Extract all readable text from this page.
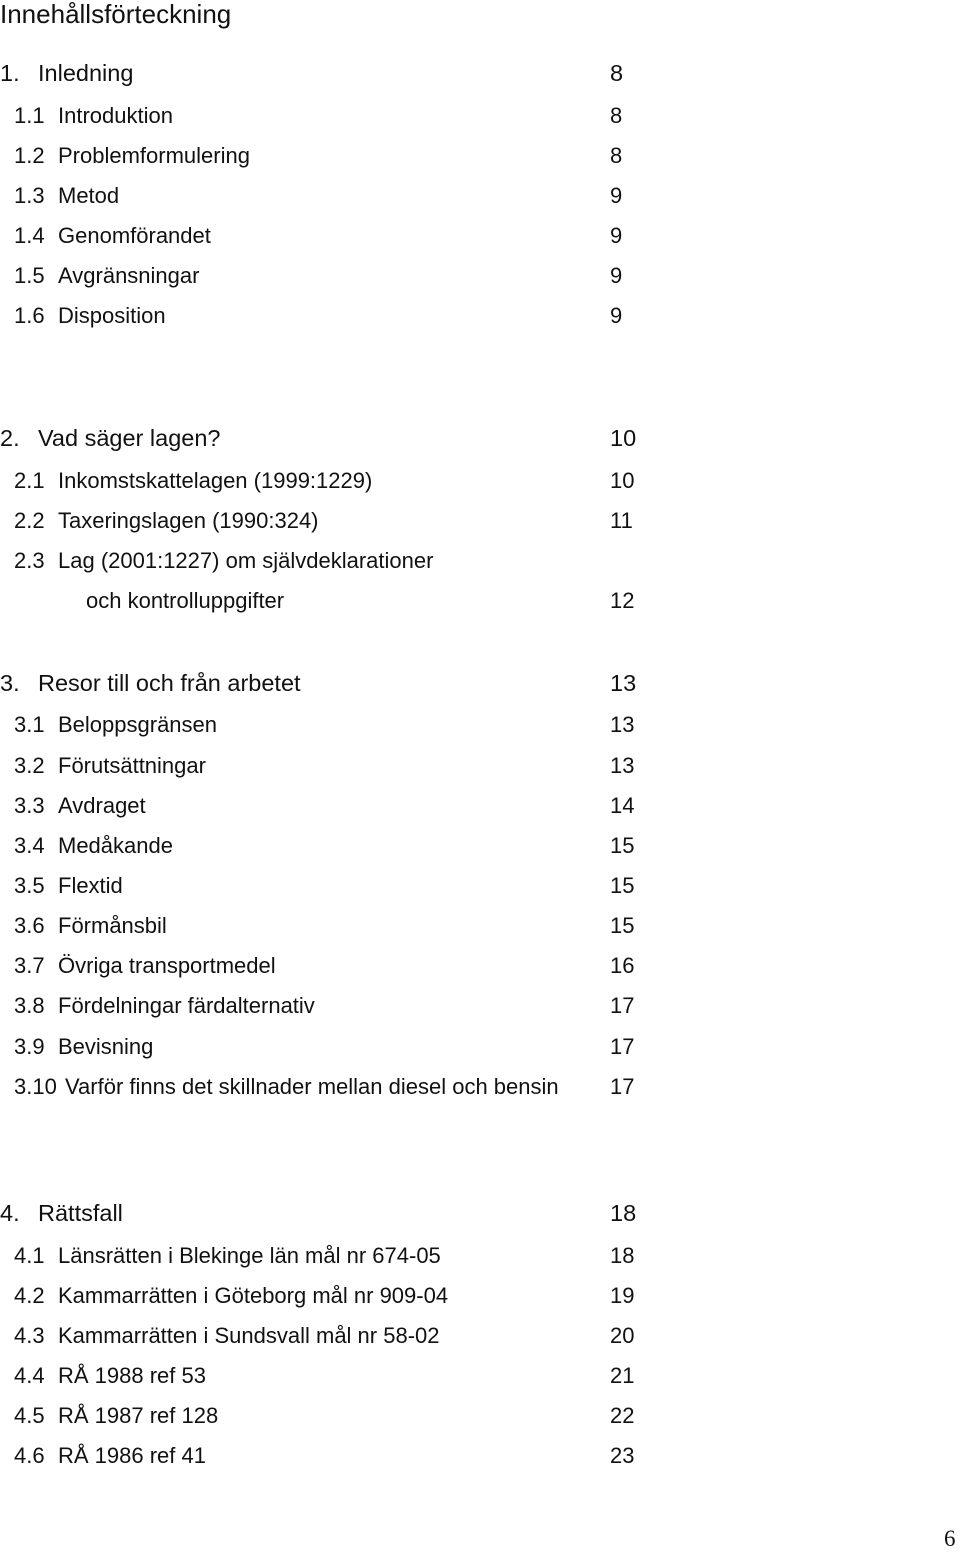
Innehållsförteckning
1. Inledning	8
1.1 Introduktion	8
1.2 Problemformulering	8
1.3 Metod	9
1.4 Genomförandet	9
1.5 Avgränsningar	9
1.6 Disposition	9
2. Vad säger lagen?	10
2.1 Inkomstskattelagen (1999:1229)	10
2.2 Taxeringslagen (1990:324)	11
2.3 Lag (2001:1227) om självdeklarationer
och kontrolluppgifter	12
3. Resor till och från arbetet	13
3.1 Beloppsgränsen	13
3.2 Förutsättningar	13
3.3 Avdraget	14
3.4 Medåkande	15
3.5 Flextid	15
3.6 Förmånsbil	15
3.7 Övriga transportmedel	16
3.8 Fördelningar färdalternativ	17
3.9 Bevisning	17
3.10 Varför finns det skillnader mellan diesel och bensin 17
4. Rättsfall	18
4.1 Länsrätten i Blekinge län mål nr 674-05	18
4.2 Kammarrätten i Göteborg mål nr 909-04	19
4.3 Kammarrätten i Sundsvall mål nr 58-02	20
4.4 RÅ 1988 ref 53	21
4.5 RÅ 1987 ref 128	22
4.6 RÅ 1986 ref 41	23
6
